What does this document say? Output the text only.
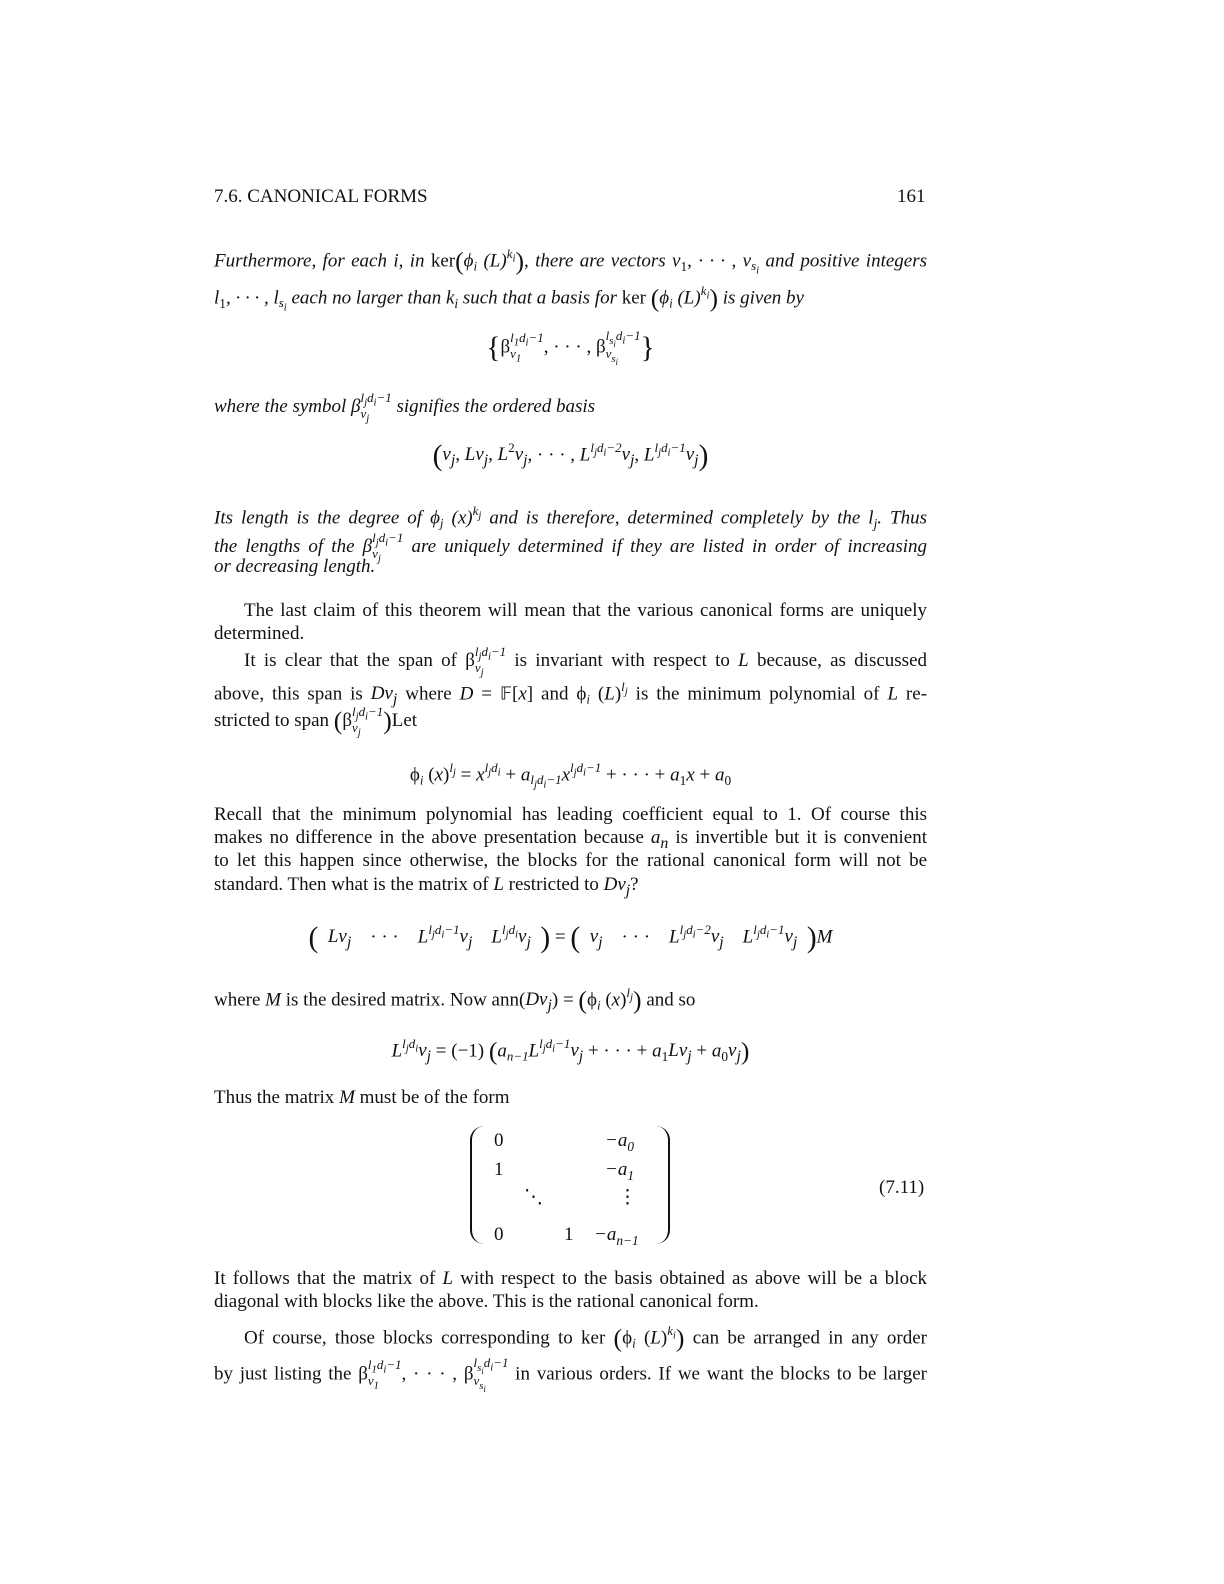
7.6. CANONICAL FORMS	161
Furthermore, for each i, in $ker(\phi_i$ $(L)^{k_i}$), there are vectors $v_1$, · · · , $v_{s_i}$ and positive integers
$l_1$, · · · , $l_{s_i}$ each no larger than $k_i$ such that a basis for ker ($\phi_i$ $(L)^{k_i}$) is given by
{β $l_1d_i-1$
$v_1$
, · · · , β
$l_{s_i}d_i-1$
$v_{s_i}$ }
where the symbol β $l_jd_i-1$
$v_j$
signifies the ordered basis
($v_j$, $Lv_j$, $L^2v_j$, · · · , $L^{l_jd_i-2}v_j$, $L^{l_jd_i-1}v_j$)
Its length is the degree of $\phi_j$ $(x)^{k_j}$ and is therefore, determined completely by the $l_j$. Thus
the lengths of the β $l_jd_i-1$
$v_j$
are uniquely determined if they are listed in order of increasing
or decreasing length.
The last claim of this theorem will mean that the various canonical forms are uniquely
determined.
It is clear that the span of β $l_jd_i-1$
$v_j$
is invariant with respect to L because, as discussed
above, this span is $Dv_j$ where D = 𝔽[x] and $\phi_i$ $(L)^{l_j}$ is the minimum polynomial of L re-
stricted to span (β $l_jd_i-1$
$v_j$ )Let
$\phi_i$ $(x)^{l_j} = x^{l_jd_i} + a_{l_jd_i-1}x^{l_jd_i-1}$ + · · · + $a_1x + a_0$
Recall that the minimum polynomial has leading coefficient equal to 1. Of course this
makes no difference in the above presentation because $a_n$ is invertible but it is convenient
to let this happen since otherwise, the blocks for the rational canonical form will not be
standard. Then what is the matrix of L restricted to $Dv_j$?
( $Lv_j$    · · ·    $L^{l_jd_i-1}v_j$ $L^{l_jd_i}v_j$ ) = ( $v_j$    · · ·    $L^{l_jd_i-2}v_j$ $L^{l_jd_i-1}v_j$ )M
where M is the desired matrix. Now $ann(Dv_j) = (\phi_i$ $(x)^{l_j}$) and so
$L^{l_jd_i}v_j = (-1) (a_{n-1}L^{l_jd_i-1}v_j$ + · · · + $a_1Lv_j + a_0v_j$)
Thus the matrix M must be of the form
0
1
0
⋱
1
$-a_0$
$-a_1$
⋮
$-a_{n-1}$
(7.11)
It follows that the matrix of L with respect to the basis obtained as above will be a block
diagonal with blocks like the above. This is the rational canonical form.
Of course, those blocks corresponding to ker ($\phi_i$ $(L)^{k_i}$) can be arranged in any order
by just listing the β $l_1d_i-1$
$v_1$
, · · · , β
$l_{s_i}d_i-1$
$v_{s_i}$
in various orders. If we want the blocks to be larger
